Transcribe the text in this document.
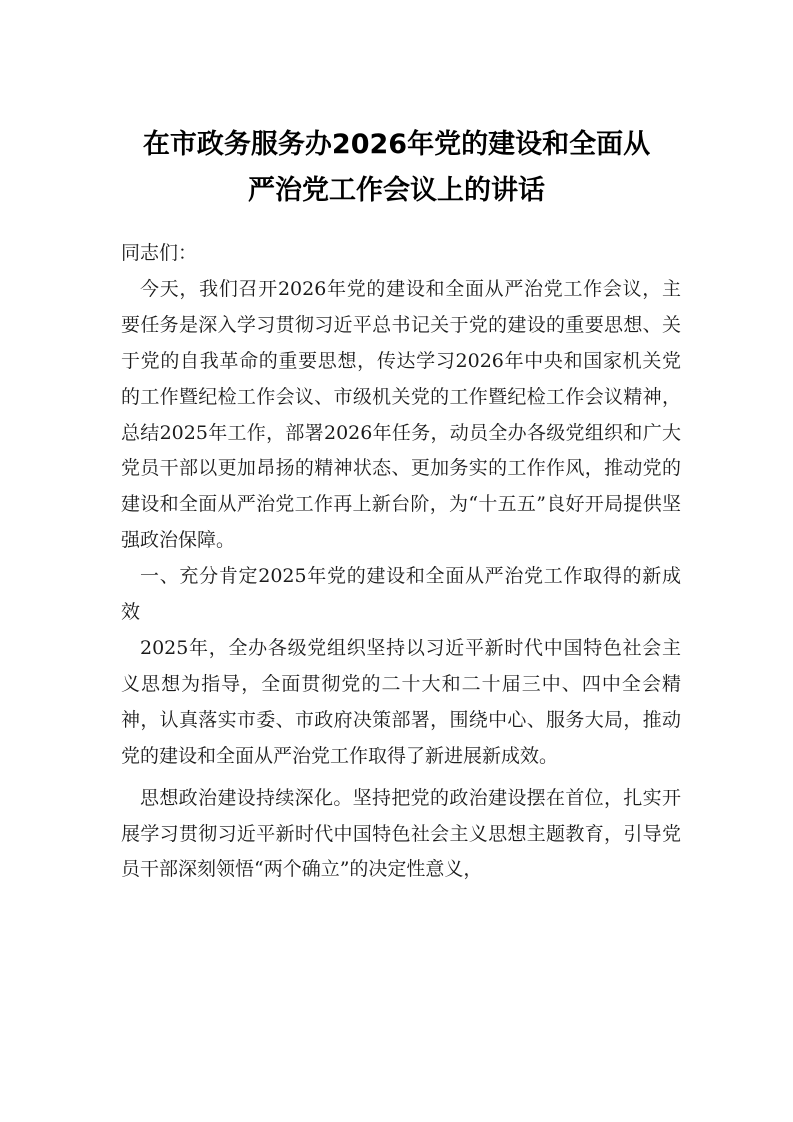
在市政务服务办2026年党的建设和全面从
严治党工作会议上的讲话

同志们：

今天，我们召开2026年党的建设和全面从严治党工作会议，主要任务是深入学习贯彻习近平总书记关于党的建设的重要思想、关于党的自我革命的重要思想，传达学习2026年中央和国家机关党的工作暨纪检工作会议、市级机关党的工作暨纪检工作会议精神，总结2025年工作，部署2026年任务，动员全办各级党组织和广大党员干部以更加昂扬的精神状态、更加务实的工作作风，推动党的建设和全面从严治党工作再上新台阶，为“十五五”良好开局提供坚强政治保障。

一、充分肯定2025年党的建设和全面从严治党工作取得的新成效

2025年，全办各级党组织坚持以习近平新时代中国特色社会主义思想为指导，全面贯彻党的二十大和二十届三中、四中全会精神，认真落实市委、市政府决策部署，围绕中心、服务大局，推动党的建设和全面从严治党工作取得了新进展新成效。

思想政治建设持续深化。坚持把党的政治建设摆在首位，扎实开展学习贯彻习近平新时代中国特色社会主义思想主题教育，引导党员干部深刻领悟“两个确立”的决定性意义，
